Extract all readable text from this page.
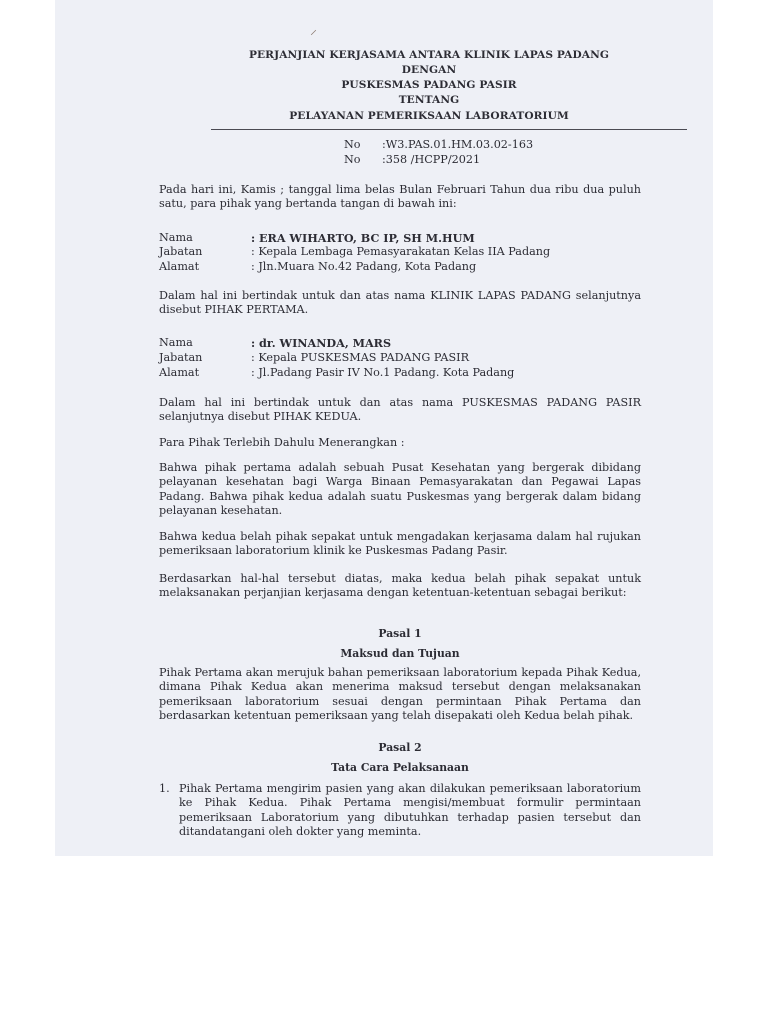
⸝
PERJANJIAN KERJASAMA ANTARA KLINIK LAPAS PADANG
DENGAN
PUSKESMAS PADANG PASIR
TENTANG
PELAYANAN PEMERIKSAAN LABORATORIUM
No :W3.PAS.01.HM.03.02-163
No :358 /HCPP/2021
Pada hari ini, Kamis ; tanggal lima belas Bulan Februari Tahun dua ribu dua puluh satu, para pihak yang bertanda tangan di bawah ini:
Nama	: ERA WIHARTO, BC IP, SH M.HUM
Jabatan	: Kepala Lembaga Pemasyarakatan Kelas IIA Padang
Alamat	: Jln.Muara No.42 Padang, Kota Padang
Dalam hal ini bertindak untuk dan atas nama KLINIK LAPAS PADANG selanjutnya disebut PIHAK PERTAMA.
Nama	: dr. WINANDA, MARS
Jabatan	: Kepala PUSKESMAS PADANG PASIR
Alamat	: Jl.Padang Pasir IV No.1 Padang. Kota Padang
Dalam hal ini bertindak untuk dan atas nama PUSKESMAS PADANG PASIR selanjutnya disebut PIHAK KEDUA.
Para Pihak Terlebih Dahulu Menerangkan :
Bahwa pihak pertama adalah sebuah Pusat Kesehatan yang bergerak dibidang pelayanan kesehatan bagi Warga Binaan Pemasyarakatan dan Pegawai Lapas Padang. Bahwa pihak kedua adalah suatu Puskesmas yang bergerak dalam bidang pelayanan kesehatan.
Bahwa kedua belah pihak sepakat untuk mengadakan kerjasama dalam hal rujukan pemeriksaan laboratorium klinik ke Puskesmas Padang Pasir.
Berdasarkan hal-hal tersebut diatas, maka kedua belah pihak sepakat untuk melaksanakan perjanjian kerjasama dengan ketentuan-ketentuan sebagai berikut:
Pasal 1
Maksud dan Tujuan
Pihak Pertama akan merujuk bahan pemeriksaan laboratorium kepada Pihak Kedua, dimana Pihak Kedua akan menerima maksud tersebut dengan melaksanakan pemeriksaan laboratorium sesuai dengan permintaan Pihak Pertama dan berdasarkan ketentuan pemeriksaan yang telah disepakati oleh Kedua belah pihak.
Pasal 2
Tata Cara Pelaksanaan
1. Pihak Pertama mengirim pasien yang akan dilakukan pemeriksaan laboratorium ke Pihak Kedua. Pihak Pertama mengisi/membuat formulir permintaan pemeriksaan Laboratorium yang dibutuhkan terhadap pasien tersebut dan ditandatangani oleh dokter yang meminta.
